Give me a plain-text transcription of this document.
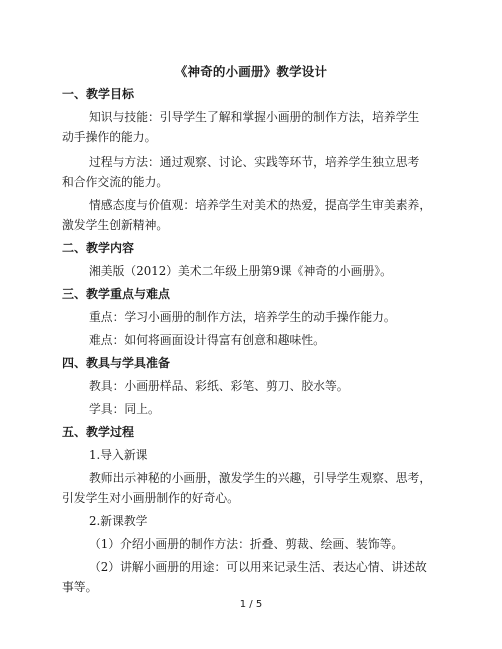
《神奇的小画册》教学设计
一、教学目标
知识与技能：引导学生了解和掌握小画册的制作方法，培养学生
动手操作的能力。
过程与方法：通过观察、讨论、实践等环节，培养学生独立思考
和合作交流的能力。
情感态度与价值观：培养学生对美术的热爱，提高学生审美素养，
激发学生创新精神。
二、教学内容
湘美版（2012）美术二年级上册第9课《神奇的小画册》。
三、教学重点与难点
重点：学习小画册的制作方法，培养学生的动手操作能力。
难点：如何将画面设计得富有创意和趣味性。
四、教具与学具准备
教具：小画册样品、彩纸、彩笔、剪刀、胶水等。
学具：同上。
五、教学过程
1.导入新课
教师出示神秘的小画册，激发学生的兴趣，引导学生观察、思考，
引发学生对小画册制作的好奇心。
2.新课教学
（1）介绍小画册的制作方法：折叠、剪裁、绘画、装饰等。
（2）讲解小画册的用途：可以用来记录生活、表达心情、讲述故
事等。
1 / 5
